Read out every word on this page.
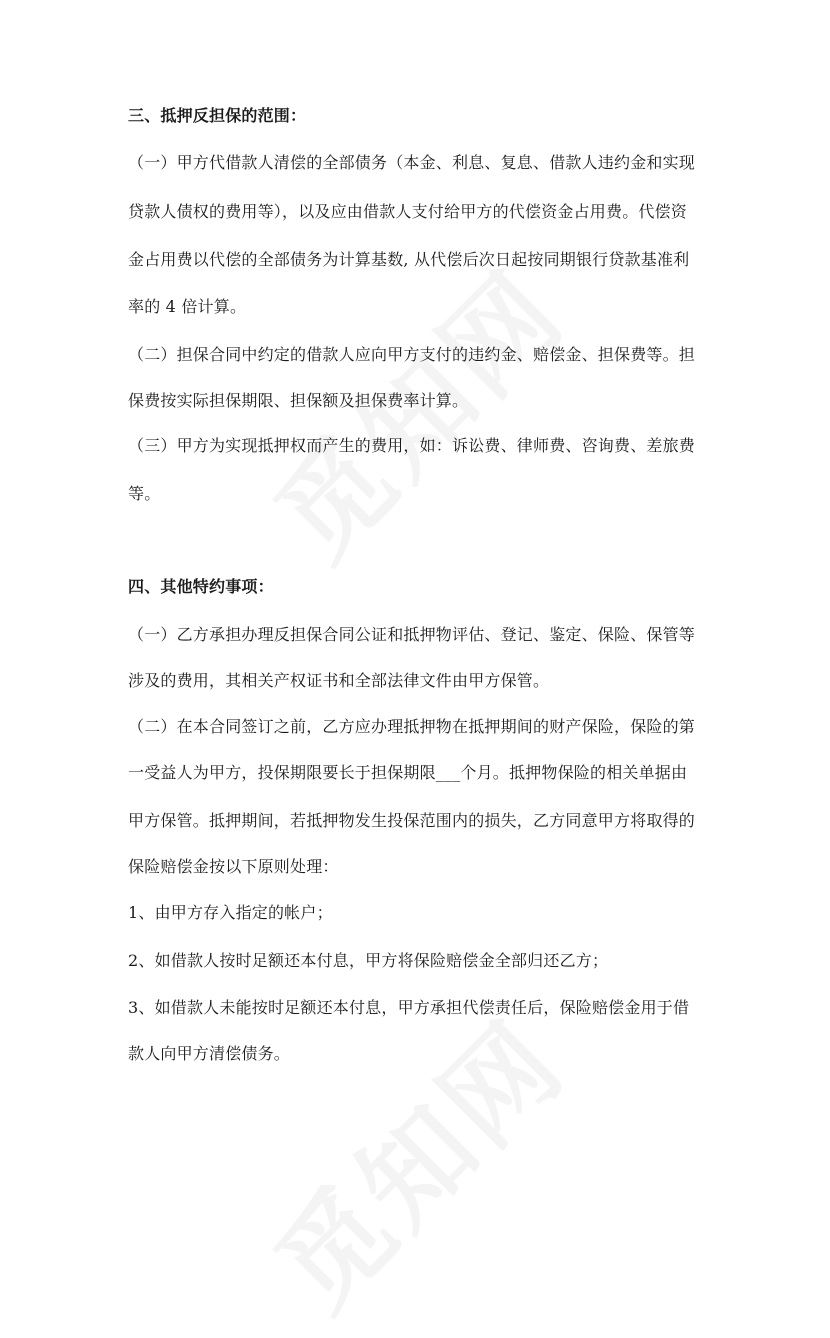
三、抵押反担保的范围：
（一）甲方代借款人清偿的全部债务（本金、利息、复息、借款人违约金和实现
贷款人债权的费用等），以及应由借款人支付给甲方的代偿资金占用费。代偿资
金占用费以代偿的全部债务为计算基数, 从代偿后次日起按同期银行贷款基准利
率的 4 倍计算。
（二）担保合同中约定的借款人应向甲方支付的违约金、赔偿金、担保费等。担
保费按实际担保期限、担保额及担保费率计算。
（三）甲方为实现抵押权而产生的费用，如：诉讼费、律师费、咨询费、差旅费
等。
四、其他特约事项：
（一）乙方承担办理反担保合同公证和抵押物评估、登记、鉴定、保险、保管等
涉及的费用，其相关产权证书和全部法律文件由甲方保管。
（二）在本合同签订之前，乙方应办理抵押物在抵押期间的财产保险，保险的第
一受益人为甲方，投保期限要长于担保期限___个月。抵押物保险的相关单据由
甲方保管。抵押期间，若抵押物发生投保范围内的损失，乙方同意甲方将取得的
保险赔偿金按以下原则处理：
1、由甲方存入指定的帐户；
2、如借款人按时足额还本付息，甲方将保险赔偿金全部归还乙方；
3、如借款人未能按时足额还本付息，甲方承担代偿责任后，保险赔偿金用于借
款人向甲方清偿债务。
